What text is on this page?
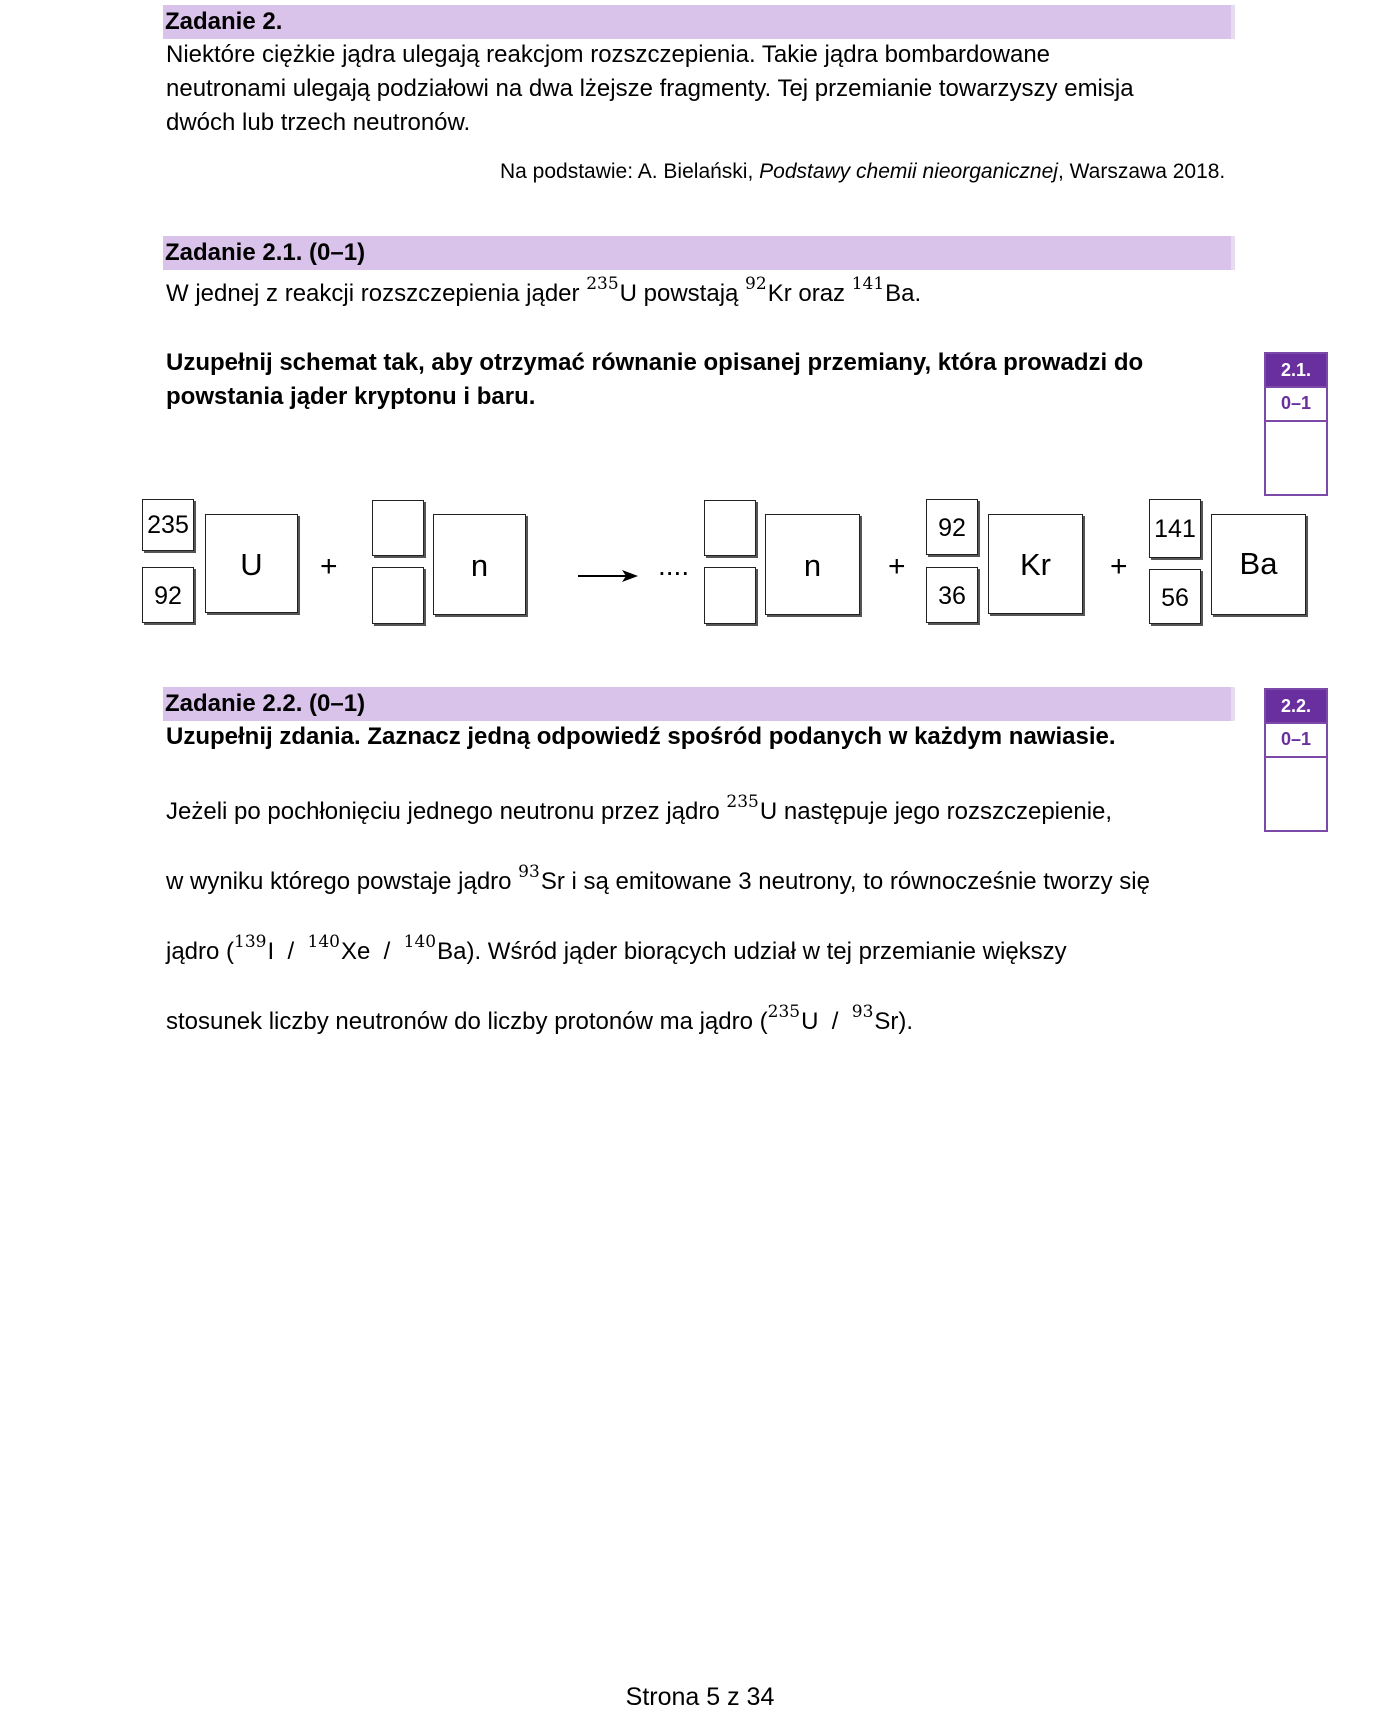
Zadanie 2.
Niektóre ciężkie jądra ulegają reakcjom rozszczepienia. Takie jądra bombardowane
neutronami ulegają podziałowi na dwa lżejsze fragmenty. Tej przemianie towarzyszy emisja
dwóch lub trzech neutronów.
Na podstawie: A. Bielański, Podstawy chemii nieorganicznej, Warszawa 2018.
Zadanie 2.1. (0–1)
W jednej z reakcji rozszczepienia jąder $^{235}$U powstają $^{92}$Kr oraz $^{141}$Ba.
Uzupełnij schemat tak, aby otrzymać równanie opisanej przemiany, która prowadzi do
powstania jąder kryptonu i baru.
2.1.
0–1
235
92
U	+	n	→ ....	n	+
92
36
Kr	+
141
56
Ba
Zadanie 2.2. (0–1)
Uzupełnij zdania. Zaznacz jedną odpowiedź spośród podanych w każdym nawiasie.
2.2.
0–1
Jeżeli po pochłonięciu jednego neutronu przez jądro $^{235}$U następuje jego rozszczepienie,
w wyniku którego powstaje jądro $^{93}$Sr i są emitowane 3 neutrony, to równocześnie tworzy się
jądro ($^{139}$I  /  $^{140}$Xe  /  $^{140}$Ba). Wśród jąder biorących udział w tej przemianie większy
stosunek liczby neutronów do liczby protonów ma jądro ($^{235}$U  /  $^{93}$Sr).
Strona 5 z 34
